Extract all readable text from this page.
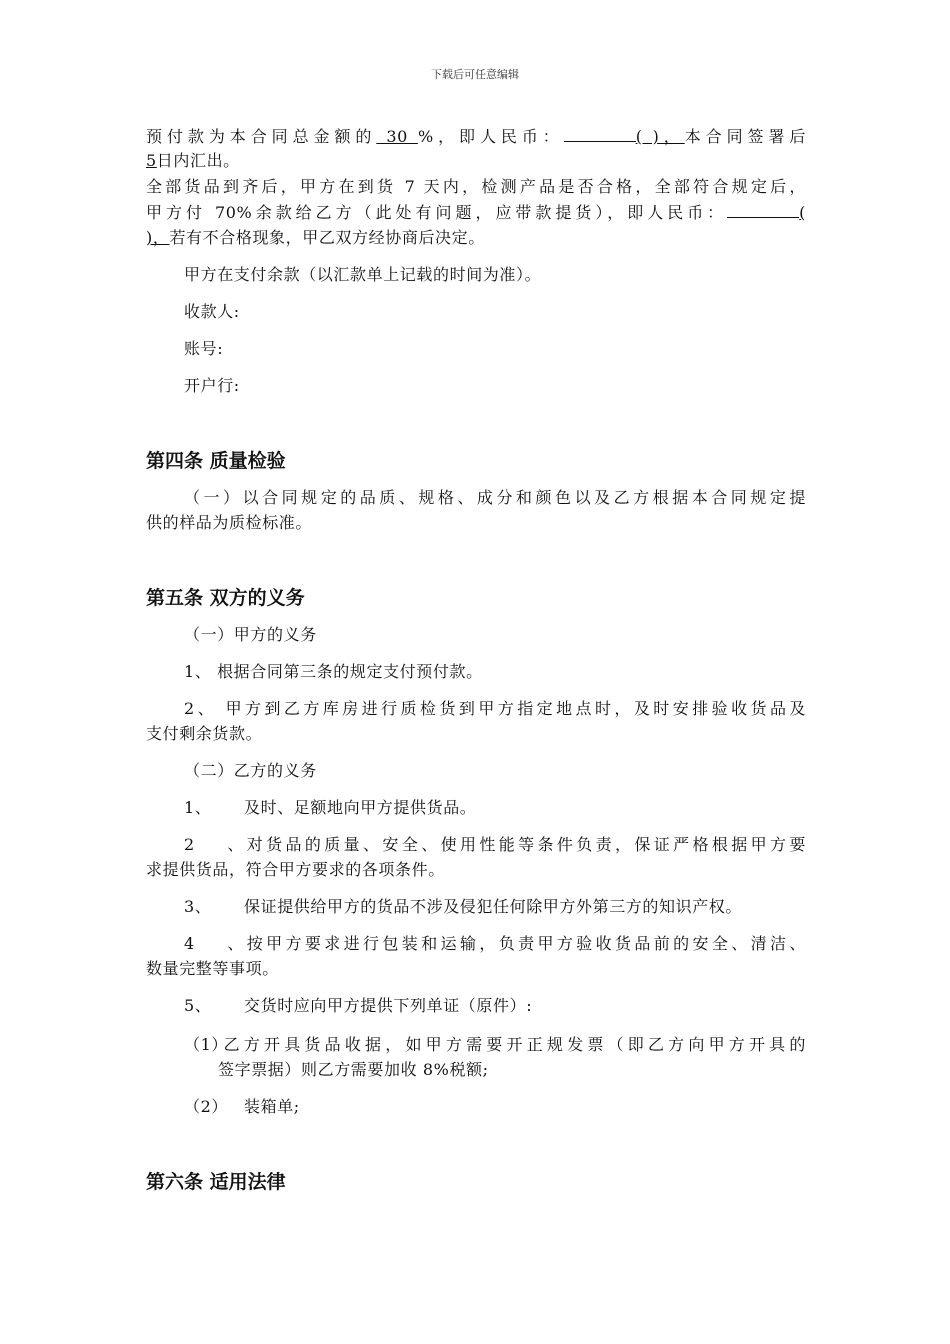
下载后可任意编辑
预付款为本合同总金额的 30 %，即人民币：	( )，本合同签署后
5日内汇出。
全部货品到齐后，甲方在到货 7 天内，检测产品是否合格，全部符合规定后，
甲方付 70%余款给乙方（此处有问题，应带款提货），即人民币：	(
)，若有不合格现象，甲乙双方经协商后决定。
甲方在支付余款（以汇款单上记载的时间为准）。
收款人:
账号:
开户行:
第四条 质量检验
（一）以合同规定的品质、规格、成分和颜色以及乙方根据本合同规定提
供的样品为质检标准。
第五条 双方的义务
（一）甲方的义务
1、 根据合同第三条的规定支付预付款。
2、 甲方到乙方库房进行质检货到甲方指定地点时，及时安排验收货品及
支付剩余货款。
（二）乙方的义务
1、 及时、足额地向甲方提供货品。
2、对货品的质量、安全、使用性能等条件负责，保证严格根据甲方要
求提供货品，符合甲方要求的各项条件。
3、 保证提供给甲方的货品不涉及侵犯任何除甲方外第三方的知识产权。
4、按甲方要求进行包装和运输，负责甲方验收货品前的安全、清洁、
数量完整等事项。
5、 交货时应向甲方提供下列单证（原件）:
（1）乙方开具货品收据，如甲方需要开正规发票（即乙方向甲方开具的
签字票据）则乙方需要加收 8%税额;
（2） 装箱单;
第六条 适用法律
